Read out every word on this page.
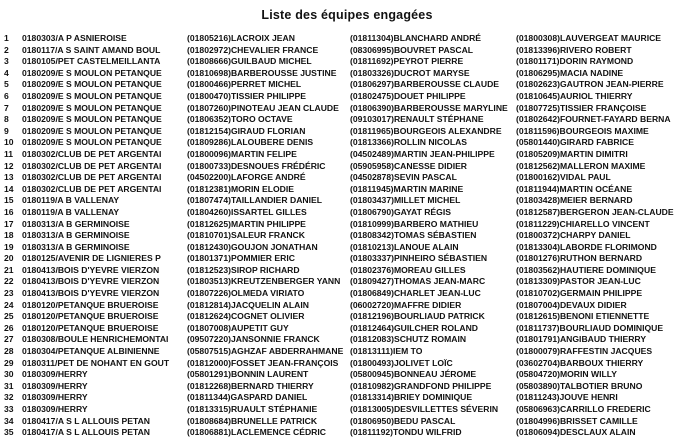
Liste des équipes engagées
1	0180303/A P ASNIEROISE	(01805216)LACROIX JEAN	(01811304)BLANCHARD ANDRÉ	(01800308)LAUVERGEAT MAURICE
2	0180117/A S SAINT AMAND BOUL	(01802972)CHEVALIER FRANCE	(08306995)BOUVRET PASCAL	(01813396)RIVERO ROBERT
3	0180105/PET CASTELMEILLANTA	(01808666)GUILBAUD MICHEL	(01811692)PEYROT PIERRE	(01801171)DORIN RAYMOND
4	0180209/E S MOULON PETANQUE	(01810698)BARBEROUSSE JUSTINE	(01803326)DUCROT MARYSE	(01806295)MACIA NADINE
5	0180209/E S MOULON PETANQUE	(01800466)PERRET MICHEL	(01806297)BARBEROUSSE CLAUDE	(01802623)GAUTRON JEAN-PIERRE
6	0180209/E S MOULON PETANQUE	(01800470)TISSIER PHILIPPE	(01802475)DOUET PHILIPPE	(01810645)AURIOL THIERRY
7	0180209/E S MOULON PETANQUE	(01807260)PINOTEAU JEAN CLAUDE	(01806390)BARBEROUSSE MARYLINE (01807725)TISSIER FRANÇOISE
8	0180209/E S MOULON PETANQUE	(01806352)TORO OCTAVE	(09103017)RENAULT STÉPHANE	(01802642)FOURNET-FAYARD BERNA
9	0180209/E S MOULON PETANQUE	(01812154)GIRAUD FLORIAN	(01811965)BOURGEOIS ALEXANDRE	(01811596)BOURGEOIS MAXIME
10 0180209/E S MOULON PETANQUE	(01809286)LALOUBERE DENIS	(01813366)ROLLIN NICOLAS	(05801440)GIRARD FABRICE
11	0180302/CLUB DE PET ARGENTAI	(01800096)MARTIN FELIPE	(04502489)MARTIN JEAN-PHILIPPE	(01805209)MARTIN DIMITRI
12 0180302/CLUB DE PET ARGENTAI	(01800733)DESNOUES FRÉDÉRIC	(05905958)CANESSE DIDIER	(01812562)MALLERON MAXIME
13 0180302/CLUB DE PET ARGENTAI	(04502200)LAFORGE ANDRÉ	(04502878)SEVIN PASCAL	(01800162)VIDAL PAUL
14 0180302/CLUB DE PET ARGENTAI	(01812381)MORIN ELODIE	(01811945)MARTIN MARINE	(01811944)MARTIN OCÉANE
15 0180119/A B VALLENAY	(01807474)TAILLANDIER DANIEL	(01803437)MILLET MICHEL	(01803428)MEIER BERNARD
16 0180119/A B VALLENAY	(01804260)ISSARTEL GILLES	(01806790)GAYAT RÉGIS	(01812587)BERGERON JEAN-CLAUDE
17 0180313/A B GERMINOISE	(01812625)MARTIN PHILIPPE	(01810999)BARBERO MATHIEU	(01811229)CHIARELLO VINCENT
18 0180313/A B GERMINOISE	(01810701)SALEUR FRANCK	(01808342)TOMAS SÉBASTIEN	(01800372)CHARPY DANIEL
19 0180313/A B GERMINOISE	(01812430)GOUJON JONATHAN	(01810213)LANOUE ALAIN	(01813304)LABORDE FLORIMOND
20 0180125/AVENIR DE LIGNIERES P	(01801371)POMMIER ERIC	(01803337)PINHEIRO SÉBASTIEN	(01801276)RUTHON BERNARD
21 0180413/BOIS D'YEVRE VIERZON	(01812523)SIROP RICHARD	(01802376)MOREAU GILLES	(01803562)HAUTIERE DOMINIQUE
22 0180413/BOIS D'YEVRE VIERZON	(01803513)KREUTZENBERGER YANN	(01809427)THOMAS JEAN-MARC	(01813309)PASTOR JEAN-LUC
23 0180413/BOIS D'YEVRE VIERZON	(01807226)OLMEDA VIRIATO	(01806849)CHARLET JEAN-LUC	(01810702)GERMAIN PHILIPPE
24 0180120/PETANQUE BRUEROISE	(01812814)JACQUELIN ALAIN	(06002720)MAFFRE DIDIER	(01807004)DEVAUX DIDIER
25 0180120/PETANQUE BRUEROISE	(01812624)COGNET OLIVIER	(01812196)BOURLIAUD PATRICK	(01812615)BENONI ETIENNETTE
26 0180120/PETANQUE BRUEROISE	(01807008)AUPETIT GUY	(01812464)GUILCHER ROLAND	(01811737)BOURLIAUD DOMINIQUE
27 0180308/BOULE HENRICHEMONTAI	(09507220)JANSONNIE FRANCK	(01812083)SCHUTZ ROMAIN	(01801791)ANGIBAUD THIERRY
28 0180304/PETANQUE ALBINIENNE	(05807515)AGHZAF ABDERRAHMANE (01813111)IEM TO	(01800079)RAFFESTIN JACQUES
29 0180311/PET DE NOHANT EN GOUT	(01812000)FOSSET JEAN-FRANÇOIS	(01800493)JOLIVET LOÏC	(03602704)BARBOUX THIERRY
30 0180309/HERRY	(05801291)BONNIN LAURENT	(05800945)BONNEAU JÉROME	(05804720)MORIN WILLY
31 0180309/HERRY	(01812268)BERNARD THIERRY	(01810982)GRANDFOND PHILIPPE	(05803890)TALBOTIER BRUNO
32 0180309/HERRY	(01811344)GASPARD DANIEL	(01813314)BRIEY DOMINIQUE	(01811243)JOUVE HENRI
33 0180309/HERRY	(01813315)RUAULT STÉPHANIE	(01813005)DESVILLETTES SÉVERIN	(05806963)CARRILLO FREDERIC
34 0180417/A S L ALLOUIS PETAN	(01808684)BRUNELLE PATRICK	(01806950)BEDU PASCAL	(01804996)BRISSET CAMILLE
35 0180417/A S L ALLOUIS PETAN	(01806881)LACLEMENCE CÉDRIC	(01811192)TONDU WILFRID	(01806094)DESCLAUX ALAIN
